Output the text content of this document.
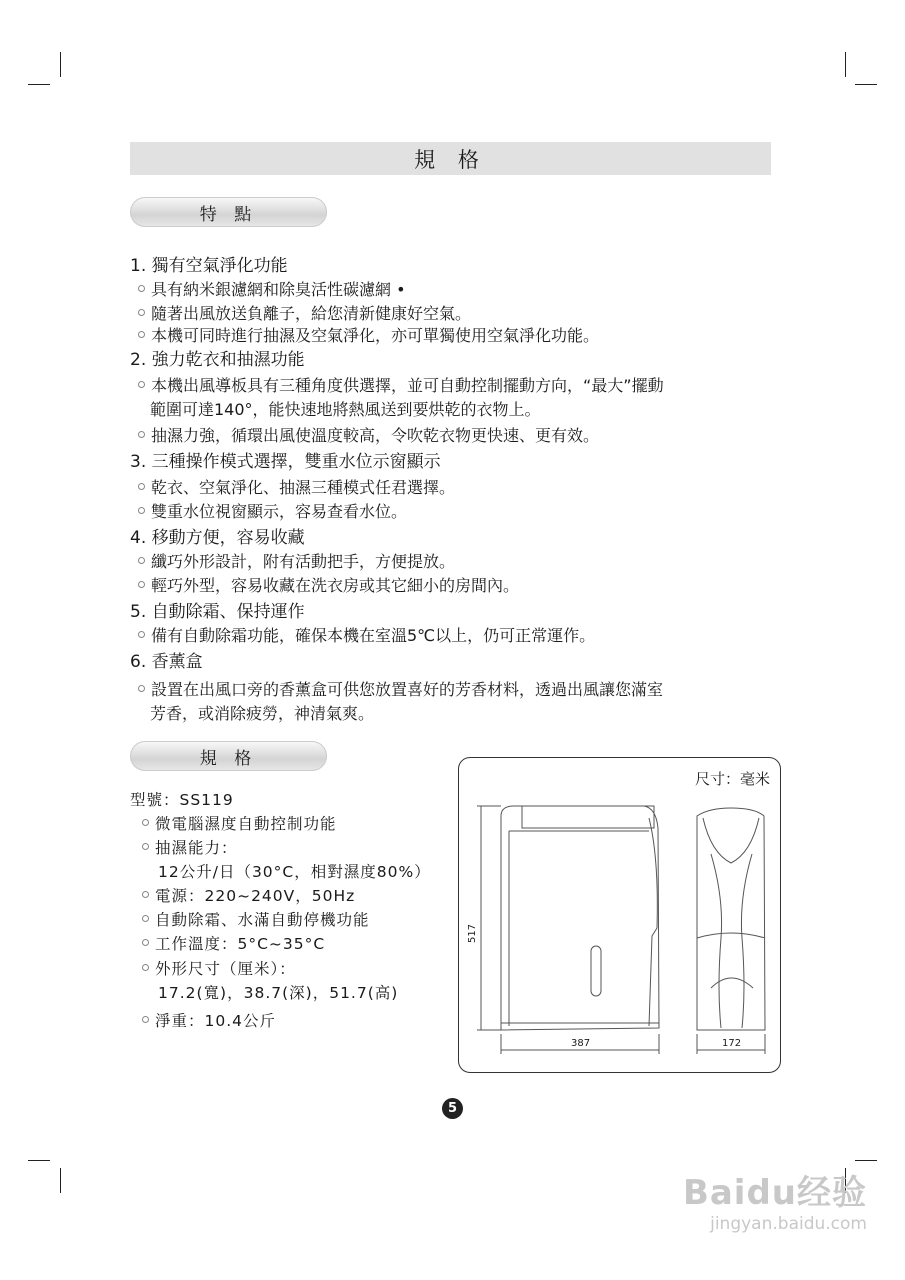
規 格
特 點
1. 獨有空氣淨化功能
具有納米銀濾網和除臭活性碳濾網 •
隨著出風放送負離子，給您清新健康好空氣。
本機可同時進行抽濕及空氣淨化，亦可單獨使用空氣淨化功能。
2. 強力乾衣和抽濕功能
本機出風導板具有三種角度供選擇，並可自動控制擺動方向，“最大”擺動
範圍可達140°，能快速地將熱風送到要烘乾的衣物上。
抽濕力強，循環出風使溫度較高，令吹乾衣物更快速、更有效。
3. 三種操作模式選擇，雙重水位示窗顯示
乾衣、空氣淨化、抽濕三種模式任君選擇。
雙重水位視窗顯示，容易查看水位。
4. 移動方便，容易收藏
纖巧外形設計，附有活動把手，方便提放。
輕巧外型，容易收藏在洗衣房或其它細小的房間內。
5. 自動除霜、保持運作
備有自動除霜功能，確保本機在室溫5℃以上，仍可正常運作。
6. 香薰盒
設置在出風口旁的香薰盒可供您放置喜好的芳香材料，透過出風讓您滿室
芳香，或消除疲勞，神清氣爽。
規 格
型號：SS119
微電腦濕度自動控制功能
抽濕能力：
12公升/日（30°C，相對濕度80%）
電源：220~240V，50Hz
自動除霜、水滿自動停機功能
工作溫度：5°C~35°C
外形尺寸（厘米）：
17.2(寬)，38.7(深)，51.7(高)
淨重：10.4公斤
尺寸：毫米
517
387	172
5
Baidu经验
jingyan.baidu.com
